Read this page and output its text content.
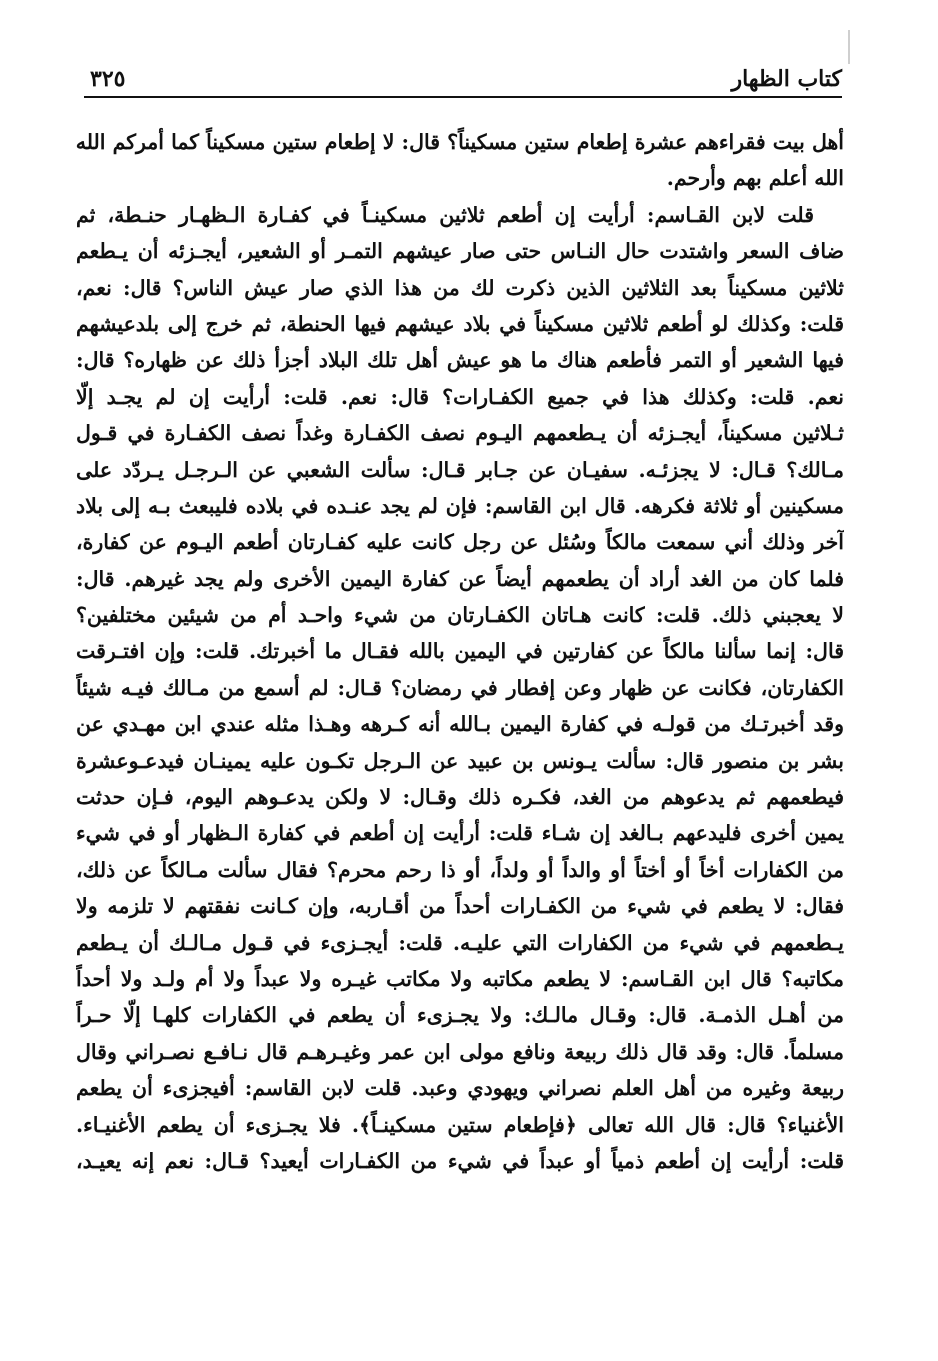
كتاب الظهار
٣٢٥
أهل بيت فقراءهم عشرة إطعام ستين مسكيناً؟ قال: لا إطعام ستين مسكيناً كما أمركم الله
الله أعلم بهم وأرحم.
قلت لابن القـاسم: أرأيت إن أطعم ثلاثين مسكينـاً في كفـارة الـظهـار حنـطة، ثم
ضاف السعر واشتدت حال النـاس حتى صار عيشهم التمـر أو الشعير، أيجـزئه أن يـطعم
ثلاثين مسكيناً بعد الثلاثين الذين ذكرت لك من هذا الذي صار عيش الناس؟ قال: نعم،
قلت: وكذلك لو أطعم ثلاثين مسكيناً في بلاد عيشهم فيها الحنطة، ثم خرج إلى بلدعيشهم
فيها الشعير أو التمر فأطعم هناك ما هو عيش أهل تلك البلاد أجزأ ذلك عن ظهاره؟ قال:
نعم. قلت: وكذلك هذا في جميع الكفـارات؟ قال: نعم. قلت: أرأيت إن لم يجـد إلّا
ثـلاثين مسكيناً، أيجـزئه أن يـطعمهم اليـوم نصف الكفـارة وغداً نصف الكفـارة في قـول
مـالك؟ قـال: لا يجزئـه. سفيـان عن جـابر قـال: سألت الشعبي عن الـرجـل يـردّد على
مسكينين أو ثلاثة فكرهه. قال ابن القاسم: فإن لم يجد عنـده في بلاده فليبعث بـه إلى بلاد
آخر وذلك أني سمعت مالكاً وسُئل عن رجل كانت عليه كفـارتان أطعم اليـوم عن كفارة،
فلما كان من الغد أراد أن يطعمهم أيضاً عن كفارة اليمين الأخرى ولم يجد غيرهم. قال:
لا يعجبني ذلك. قلت: كانت هـاتان الكفـارتان من شيء واحـد أم من شيئين مختلفين؟
قال: إنما سألنا مالكاً عن كفارتين في اليمين بالله فقـال ما أخبرتك. قلت: وإن افتـرقت
الكفارتان، فكانت عن ظهار وعن إفطار في رمضان؟ قـال: لم أسمع من مـالك فيـه شيئاً
وقد أخبرتـك من قولـه في كفارة اليمين بـالله أنه كـرهه وهـذا مثله عندي ابن مهـدي عن
بشر بن منصور قال: سألت يـونس بن عبيد عن الـرجل تكـون عليه يمينـان فيدعـوعشرة
فيطعمهم ثم يدعوهم من الغد، فكـره ذلك وقـال: لا ولكن يدعـوهم اليوم، فـإن حدثت
يمين أخرى فليدعهم بـالغد إن شـاء قلت: أرأيت إن أطعم في كفارة الـظهار أو في شيء
من الكفارات أخاً أو أختاً أو والداً أو ولداً، أو ذا رحم محرم؟ فقال سألت مـالكاً عن ذلك،
فقال: لا يطعم في شيء من الكفـارات أحداً من أقـاربه، وإن كـانت نفقتهم لا تلزمه ولا
يـطعمهم في شيء من الكفارات التي عليـه. قلت: أيجـزىء في قـول مـالـك أن يـطعم
مكاتبه؟ قال ابن القـاسم: لا يطعم مكاتبه ولا مكاتب غيـره ولا عبداً ولا أم ولـد ولا أحداً
من أهـل الذمـة. قال: وقـال مالـك: ولا يجـزىء أن يطعم في الكفارات كلهـا إلّا حـراً
مسلماً. قال: وقد قال ذلك ربيعة ونافع مولى ابن عمر وغيـرهـم قال نـافـع نصـراني وقال
ربيعة وغيره من أهل العلم نصراني ويهودي وعبد. قلت لابن القاسم: أفيجزىء أن يطعم
الأغنياء؟ قال: قال الله تعالى ﴿فإطعام ستين مسكينـاً﴾. فلا يجـزىء أن يطعم الأغنيـاء.
قلت: أرأيت إن أطعم ذمياً أو عبداً في شيء من الكفـارات أيعيد؟ قـال: نعم إنه يعيـد،
